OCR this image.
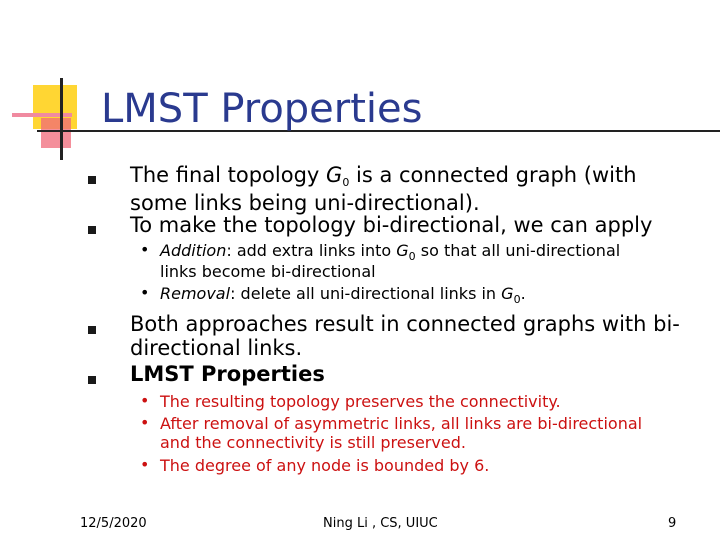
LMST Properties
The final topology G0 is a connected graph (with
some links being uni-directional).
To make the topology bi-directional, we can apply
• Addition: add extra links into $G_0$ so that all uni-directional
links become bi-directional
• Removal: delete all uni-directional links in $G_0$.
Both approaches result in connected graphs with bi-
directional links.
LMST Properties
• The resulting topology preserves the connectivity.
• After removal of asymmetric links, all links are bi-directional
and the connectivity is still preserved.
• The degree of any node is bounded by 6.
12/5/2020	Ning Li , CS, UIUC	9
